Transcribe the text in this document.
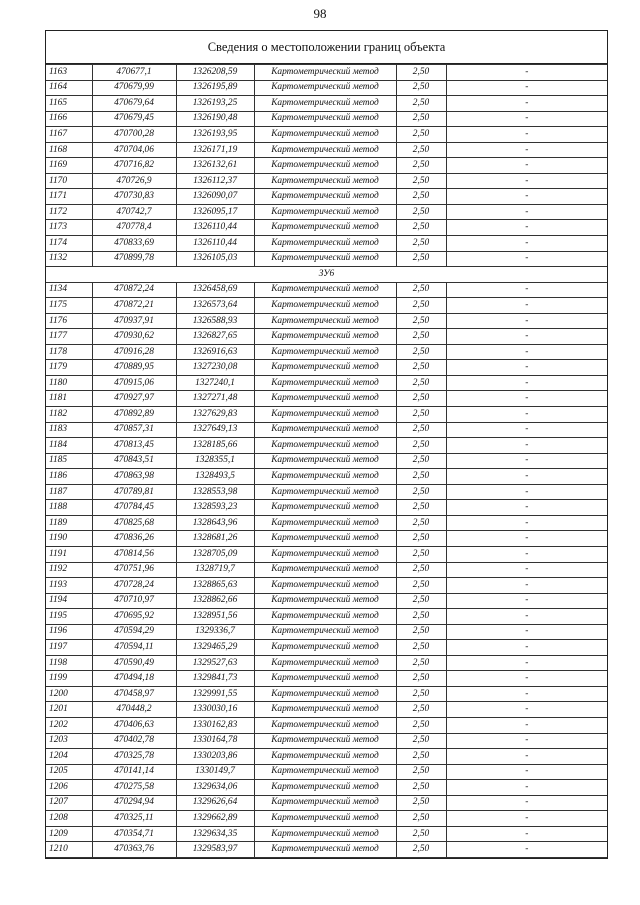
98
Сведения о местоположении границ объекта
1163	470677,1	1326208,59	Картометрический метод	2,50	-
1164	470679,99	1326195,89	Картометрический метод	2,50	-
1165	470679,64	1326193,25	Картометрический метод	2,50	-
1166	470679,45	1326190,48	Картометрический метод	2,50	-
1167	470700,28	1326193,95	Картометрический метод	2,50	-
1168	470704,06	1326171,19	Картометрический метод	2,50	-
1169	470716,82	1326132,61	Картометрический метод	2,50	-
1170	470726,9	1326112,37	Картометрический метод	2,50	-
1171	470730,83	1326090,07	Картометрический метод	2,50	-
1172	470742,7	1326095,17	Картометрический метод	2,50	-
1173	470778,4	1326110,44	Картометрический метод	2,50	-
1174	470833,69	1326110,44	Картометрический метод	2,50	-
1132	470899,78	1326105,03	Картометрический метод	2,50	-
ЗУ6					
1134	470872,24	1326458,69	Картометрический метод	2,50	-
1175	470872,21	1326573,64	Картометрический метод	2,50	-
1176	470937,91	1326588,93	Картометрический метод	2,50	-
1177	470930,62	1326827,65	Картометрический метод	2,50	-
1178	470916,28	1326916,63	Картометрический метод	2,50	-
1179	470889,95	1327230,08	Картометрический метод	2,50	-
1180	470915,06	1327240,1	Картометрический метод	2,50	-
1181	470927,97	1327271,48	Картометрический метод	2,50	-
1182	470892,89	1327629,83	Картометрический метод	2,50	-
1183	470857,31	1327649,13	Картометрический метод	2,50	-
1184	470813,45	1328185,66	Картометрический метод	2,50	-
1185	470843,51	1328355,1	Картометрический метод	2,50	-
1186	470863,98	1328493,5	Картометрический метод	2,50	-
1187	470789,81	1328553,98	Картометрический метод	2,50	-
1188	470784,45	1328593,23	Картометрический метод	2,50	-
1189	470825,68	1328643,96	Картометрический метод	2,50	-
1190	470836,26	1328681,26	Картометрический метод	2,50	-
1191	470814,56	1328705,09	Картометрический метод	2,50	-
1192	470751,96	1328719,7	Картометрический метод	2,50	-
1193	470728,24	1328865,63	Картометрический метод	2,50	-
1194	470710,97	1328862,66	Картометрический метод	2,50	-
1195	470695,92	1328951,56	Картометрический метод	2,50	-
1196	470594,29	1329336,7	Картометрический метод	2,50	-
1197	470594,11	1329465,29	Картометрический метод	2,50	-
1198	470590,49	1329527,63	Картометрический метод	2,50	-
1199	470494,18	1329841,73	Картометрический метод	2,50	-
1200	470458,97	1329991,55	Картометрический метод	2,50	-
1201	470448,2	1330030,16	Картометрический метод	2,50	-
1202	470406,63	1330162,83	Картометрический метод	2,50	-
1203	470402,78	1330164,78	Картометрический метод	2,50	-
1204	470325,78	1330203,86	Картометрический метод	2,50	-
1205	470141,14	1330149,7	Картометрический метод	2,50	-
1206	470275,58	1329634,06	Картометрический метод	2,50	-
1207	470294,94	1329626,64	Картометрический метод	2,50	-
1208	470325,11	1329662,89	Картометрический метод	2,50	-
1209	470354,71	1329634,35	Картометрический метод	2,50	-
1210	470363,76	1329583,97	Картометрический метод	2,50	-
